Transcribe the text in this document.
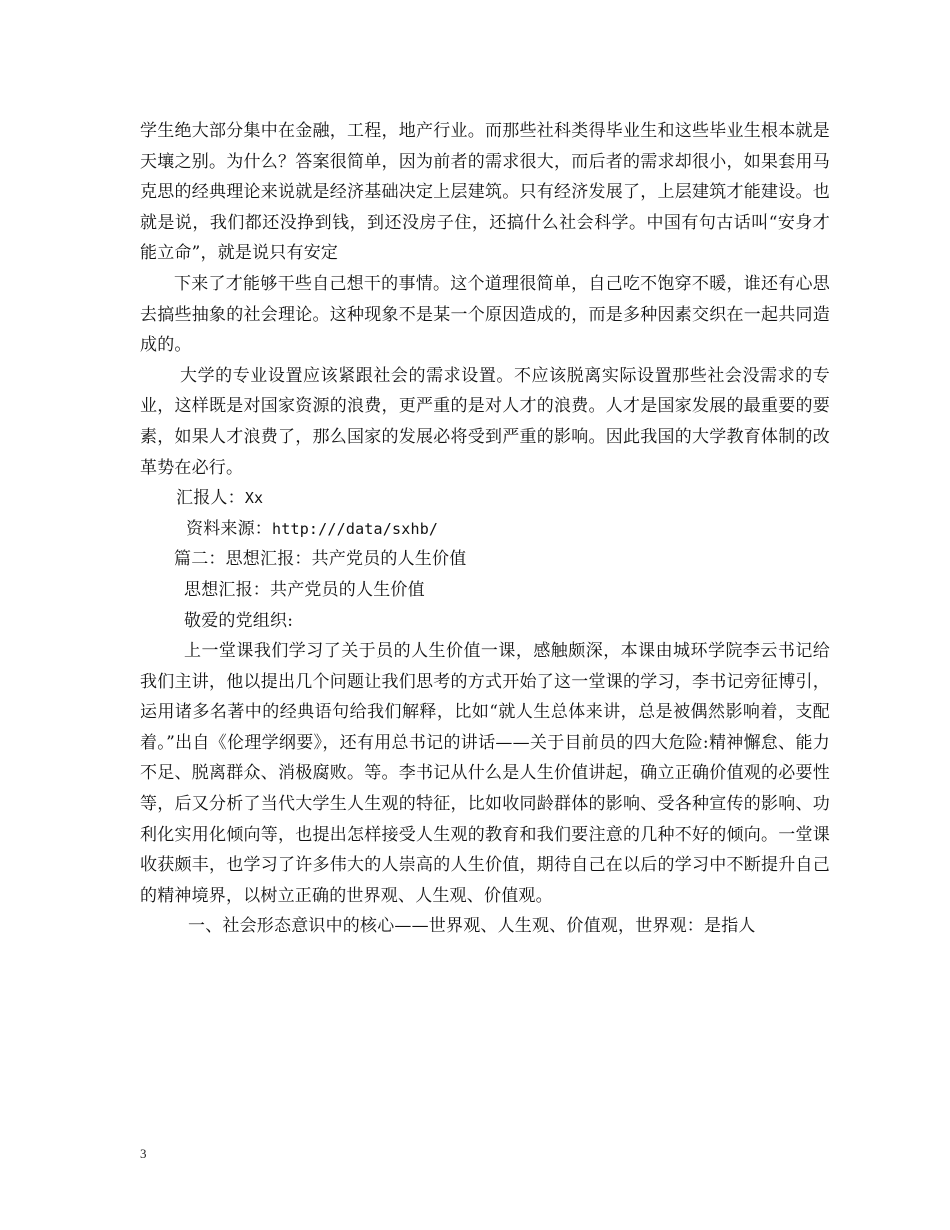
学生绝大部分集中在金融，工程，地产行业。而那些社科类得毕业生和这些毕业生根本就是天壤之别。为什么？答案很简单，因为前者的需求很大，而后者的需求却很小，如果套用马克思的经典理论来说就是经济基础决定上层建筑。只有经济发展了，上层建筑才能建设。也就是说，我们都还没挣到钱，到还没房子住，还搞什么社会科学。中国有句古话叫“安身才能立命”，就是说只有安定

下来了才能够干些自己想干的事情。这个道理很简单，自己吃不饱穿不暖，谁还有心思去搞些抽象的社会理论。这种现象不是某一个原因造成的，而是多种因素交织在一起共同造成的。

大学的专业设置应该紧跟社会的需求设置。不应该脱离实际设置那些社会没需求的专业，这样既是对国家资源的浪费，更严重的是对人才的浪费。人才是国家发展的最重要的要素，如果人才浪费了，那么国家的发展必将受到严重的影响。因此我国的大学教育体制的改革势在必行。

汇报人：Xx

资料来源：http:///data/sxhb/

篇二：思想汇报：共产党员的人生价值

思想汇报：共产党员的人生价值

敬爱的党组织:

上一堂课我们学习了关于员的人生价值一课，感触颇深，本课由城环学院李云书记给我们主讲，他以提出几个问题让我们思考的方式开始了这一堂课的学习，李书记旁征博引，运用诸多名著中的经典语句给我们解释，比如“就人生总体来讲，总是被偶然影响着，支配着。”出自《伦理学纲要》，还有用总书记的讲话——关于目前员的四大危险:精神懈怠、能力不足、脱离群众、消极腐败。等。李书记从什么是人生价值讲起，确立正确价值观的必要性等，后又分析了当代大学生人生观的特征，比如收同龄群体的影响、受各种宣传的影响、功利化实用化倾向等，也提出怎样接受人生观的教育和我们要注意的几种不好的倾向。一堂课收获颇丰，也学习了许多伟大的人崇高的人生价值，期待自己在以后的学习中不断提升自己的精神境界，以树立正确的世界观、人生观、价值观。

一、社会形态意识中的核心——世界观、人生观、价值观，世界观：是指人

3
